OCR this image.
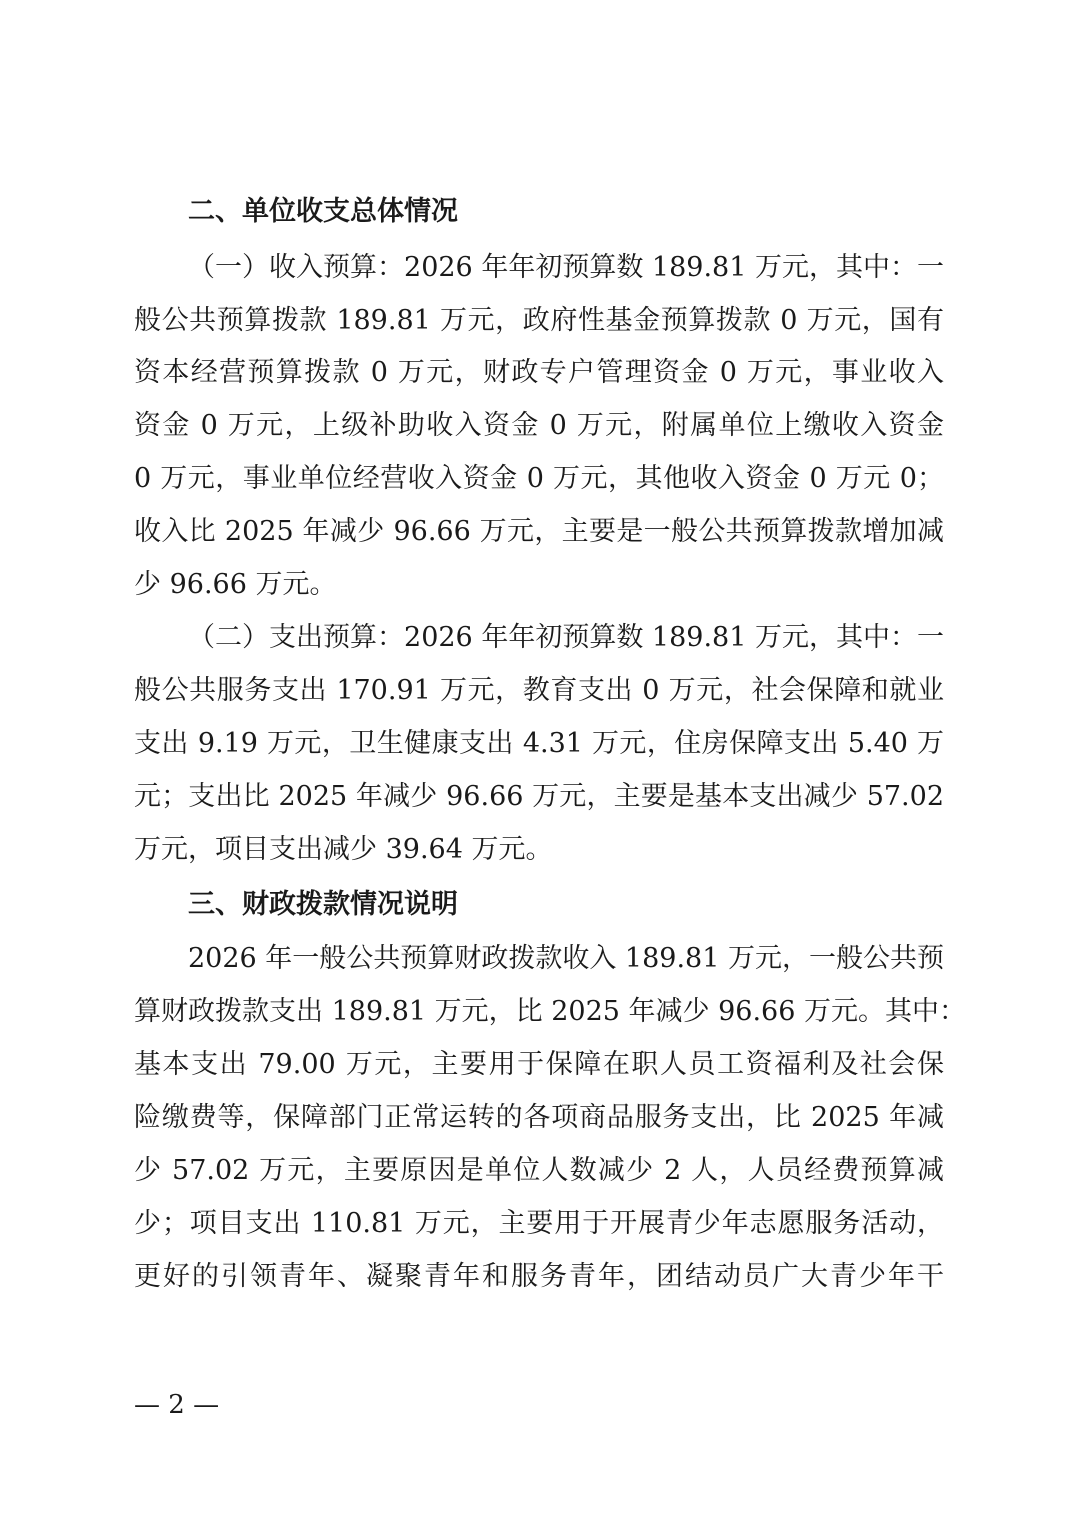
二、单位收支总体情况
（一）收入预算：2026 年年初预算数 189.81 万元，其中：一
般公共预算拨款 189.81 万元，政府性基金预算拨款 0 万元，国有
资本经营预算拨款 0 万元，财政专户管理资金 0 万元，事业收入
资金 0 万元，上级补助收入资金 0 万元，附属单位上缴收入资金
0 万元，事业单位经营收入资金 0 万元，其他收入资金 0 万元 0；
收入比 2025 年减少 96.66 万元，主要是一般公共预算拨款增加减
少 96.66 万元。
（二）支出预算：2026 年年初预算数 189.81 万元，其中：一
般公共服务支出 170.91 万元，教育支出 0 万元，社会保障和就业
支出 9.19 万元，卫生健康支出 4.31 万元，住房保障支出 5.40 万
元；支出比 2025 年减少 96.66 万元，主要是基本支出减少 57.02
万元，项目支出减少 39.64 万元。
三、财政拨款情况说明
2026 年一般公共预算财政拨款收入 189.81 万元，一般公共预
算财政拨款支出 189.81 万元，比 2025 年减少 96.66 万元。其中：
基本支出 79.00 万元，主要用于保障在职人员工资福利及社会保
险缴费等，保障部门正常运转的各项商品服务支出，比 2025 年减
少 57.02 万元，主要原因是单位人数减少 2 人，人员经费预算减
少；项目支出 110.81 万元，主要用于开展青少年志愿服务活动，
更好的引领青年、凝聚青年和服务青年，团结动员广大青少年干
— 2 —
